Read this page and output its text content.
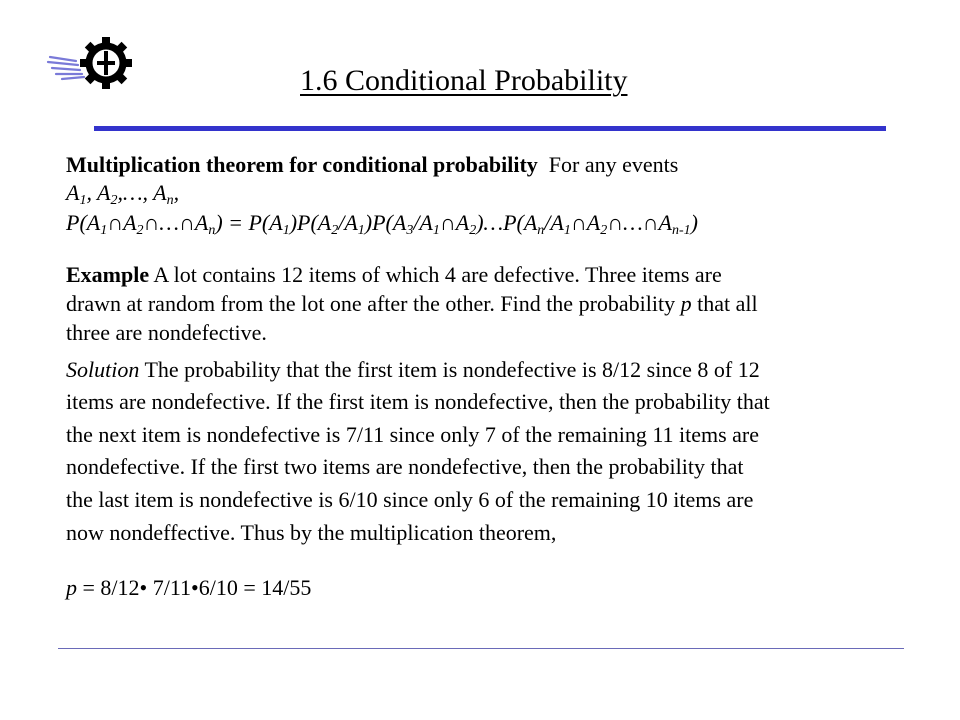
1.6 Conditional Probability
Multiplication theorem for conditional probability For any events
$A_1$, $A_2,\dots$, $A_n$,
$P(A_1\cap A_2\cap\dots\cap A_n)$ = $P(A_1)P(A_2/A_1)P(A_3/A_1\cap A_2)\dots P(A_n/A_1\cap A_2\cap\dots\cap A_{n-1})$
Example A lot contains 12 items of which 4 are defective. Three items are
drawn at random from the lot one after the other. Find the probability p that all
three are nondefective.
Solution The probability that the first item is nondefective is 8/12 since 8 of 12
items are nondefective. If the first item is nondefective, then the probability that
the next item is nondefective is 7/11 since only 7 of the remaining 11 items are
nondefective. If the first two items are nondefective, then the probability that
the last item is nondefective is 6/10 since only 6 of the remaining 10 items are
now nondeffective. Thus by the multiplication theorem,
p = 8/12• 7/11•6/10 = 14/55
